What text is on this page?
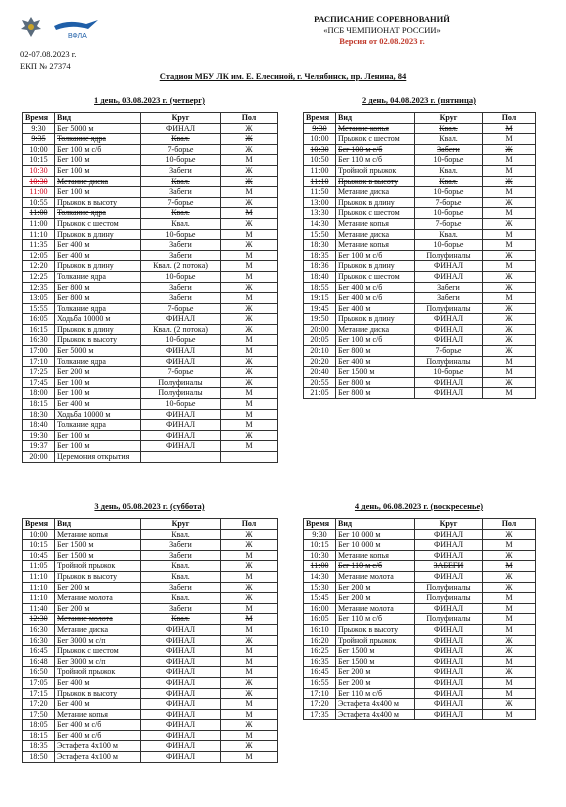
ВФЛА
02-07.08.2023 г.
ЕКП № 27374
РАСПИСАНИЕ СОРЕВНОВАНИЙ
«ПСБ ЧЕМПИОНАТ РОССИИ»
Версия от 02.08.2023 г.
Стадион МБУ ЛК им. Е. Елесиной, г. Челябинск, пр. Ленина, 84
1 день, 03.08.2023 г. (четверг)	2 день, 04.08.2023 г. (пятница)
3 день, 05.08.2023 г. (суббота)	4 день, 06.08.2023 г. (воскресенье)
Время	Вид	Круг	Пол
9:30	Бег 5000 м	ФИНАЛ	Ж
9:35	Толкание ядра	Квал.	Ж
10:00	Бег 100 м с/б	7-борье	Ж
10:15	Бег 100 м	10-борье	М
10:30	Бег 100 м	Забеги	Ж
10:30	Метание диска	Квал.	Ж
11:00	Бег 100 м	Забеги	М
10:55	Прыжок в высоту	7-борье	Ж
11:00	Толкание ядра	Квал.	М
11:00	Прыжок с шестом	Квал.	Ж
11:10	Прыжок в длину	10-борье	М
11:35	Бег 400 м	Забеги	Ж
12:05	Бег 400 м	Забеги	М
12:20	Прыжок в длину	Квал. (2 потока)	М
12:25	Толкание ядра	10-борье	М
12:35	Бег 800 м	Забеги	Ж
13:05	Бег 800 м	Забеги	М
15:55	Толкание ядра	7-борье	Ж
16:05	Ходьба 10000 м	ФИНАЛ	Ж
16:15	Прыжок в длину	Квал. (2 потока)	Ж
16:30	Прыжок в высоту	10-борье	М
17:00	Бег 5000 м	ФИНАЛ	М
17:10	Толкание ядра	ФИНАЛ	Ж
17:25	Бег 200 м	7-борье	Ж
17:45	Бег 100 м	Полуфиналы	Ж
18:00	Бег 100 м	Полуфиналы	М
18:15	Бег 400 м	10-борье	М
18:30	Ходьба 10000 м	ФИНАЛ	М
18:40	Толкание ядра	ФИНАЛ	М
19:30	Бег 100 м	ФИНАЛ	Ж
19:37	Бег 100 м	ФИНАЛ	М
20:00	Церемония открытия		
Время	Вид	Круг	Пол
9:30	Метание копья	Квал.	М
10:00	Прыжок с шестом	Квал.	М
10:30	Бег 100 м с/б	Забеги	Ж
10:50	Бег 110 м с/б	10-борье	М
11:00	Тройной прыжок	Квал.	М
11:10	Прыжок в высоту	Квал.	Ж
11:50	Метание диска	10-борье	М
13:00	Прыжок в длину	7-борье	Ж
13:30	Прыжок с шестом	10-борье	М
14:30	Метание копья	7-борье	Ж
15:50	Метание диска	Квал.	М
18:30	Метание копья	10-борье	М
18:35	Бег 100 м с/б	Полуфиналы	Ж
18:36	Прыжок в длину	ФИНАЛ	М
18:40	Прыжок с шестом	ФИНАЛ	Ж
18:55	Бег 400 м с/б	Забеги	Ж
19:15	Бег 400 м с/б	Забеги	М
19:45	Бег 400 м	Полуфиналы	Ж
19:50	Прыжок в длину	ФИНАЛ	Ж
20:00	Метание диска	ФИНАЛ	Ж
20:05	Бег 100 м с/б	ФИНАЛ	Ж
20:10	Бег 800 м	7-борье	Ж
20:20	Бег 400 м	Полуфиналы	М
20:40	Бег 1500 м	10-борье	М
20:55	Бег 800 м	ФИНАЛ	Ж
21:05	Бег 800 м	ФИНАЛ	М
Время	Вид	Круг	Пол
10:00	Метание копья	Квал.	Ж
10:15	Бег 1500 м	Забеги	Ж
10:45	Бег 1500 м	Забеги	М
11:05	Тройной прыжок	Квал.	Ж
11:10	Прыжок в высоту	Квал.	М
11:10	Бег 200 м	Забеги	Ж
11:10	Метание молота	Квал.	Ж
11:40	Бег 200 м	Забеги	М
12:30	Метание молота	Квал.	М
16:30	Метание диска	ФИНАЛ	М
16:30	Бег 3000 м с/п	ФИНАЛ	Ж
16:45	Прыжок с шестом	ФИНАЛ	М
16:48	Бег 3000 м с/п	ФИНАЛ	М
16:50	Тройной прыжок	ФИНАЛ	М
17:05	Бег 400 м	ФИНАЛ	Ж
17:15	Прыжок в высоту	ФИНАЛ	Ж
17:20	Бег 400 м	ФИНАЛ	М
17:50	Метание копья	ФИНАЛ	М
18:05	Бег 400 м с/б	ФИНАЛ	Ж
18:15	Бег 400 м с/б	ФИНАЛ	М
18:35	Эстафета 4х100 м	ФИНАЛ	Ж
18:50	Эстафета 4х100 м	ФИНАЛ	М
Время	Вид	Круг	Пол
9:30	Бег 10 000 м	ФИНАЛ	Ж
10:15	Бег 10 000 м	ФИНАЛ	М
10:30	Метание копья	ФИНАЛ	Ж
11:00	Бег 110 м с/б	ЗАБЕГИ	М
14:30	Метание молота	ФИНАЛ	Ж
15:30	Бег 200 м	Полуфиналы	Ж
15:45	Бег 200 м	Полуфиналы	М
16:00	Метание молота	ФИНАЛ	М
16:05	Бег 110 м с/б	Полуфиналы	М
16:10	Прыжок в высоту	ФИНАЛ	М
16:20	Тройной прыжок	ФИНАЛ	Ж
16:25	Бег 1500 м	ФИНАЛ	Ж
16:35	Бег 1500 м	ФИНАЛ	М
16:45	Бег 200 м	ФИНАЛ	Ж
16:55	Бег 200 м	ФИНАЛ	М
17:10	Бег 110 м с/б	ФИНАЛ	М
17:20	Эстафета 4х400 м	ФИНАЛ	Ж
17:35	Эстафета 4х400 м	ФИНАЛ	М
